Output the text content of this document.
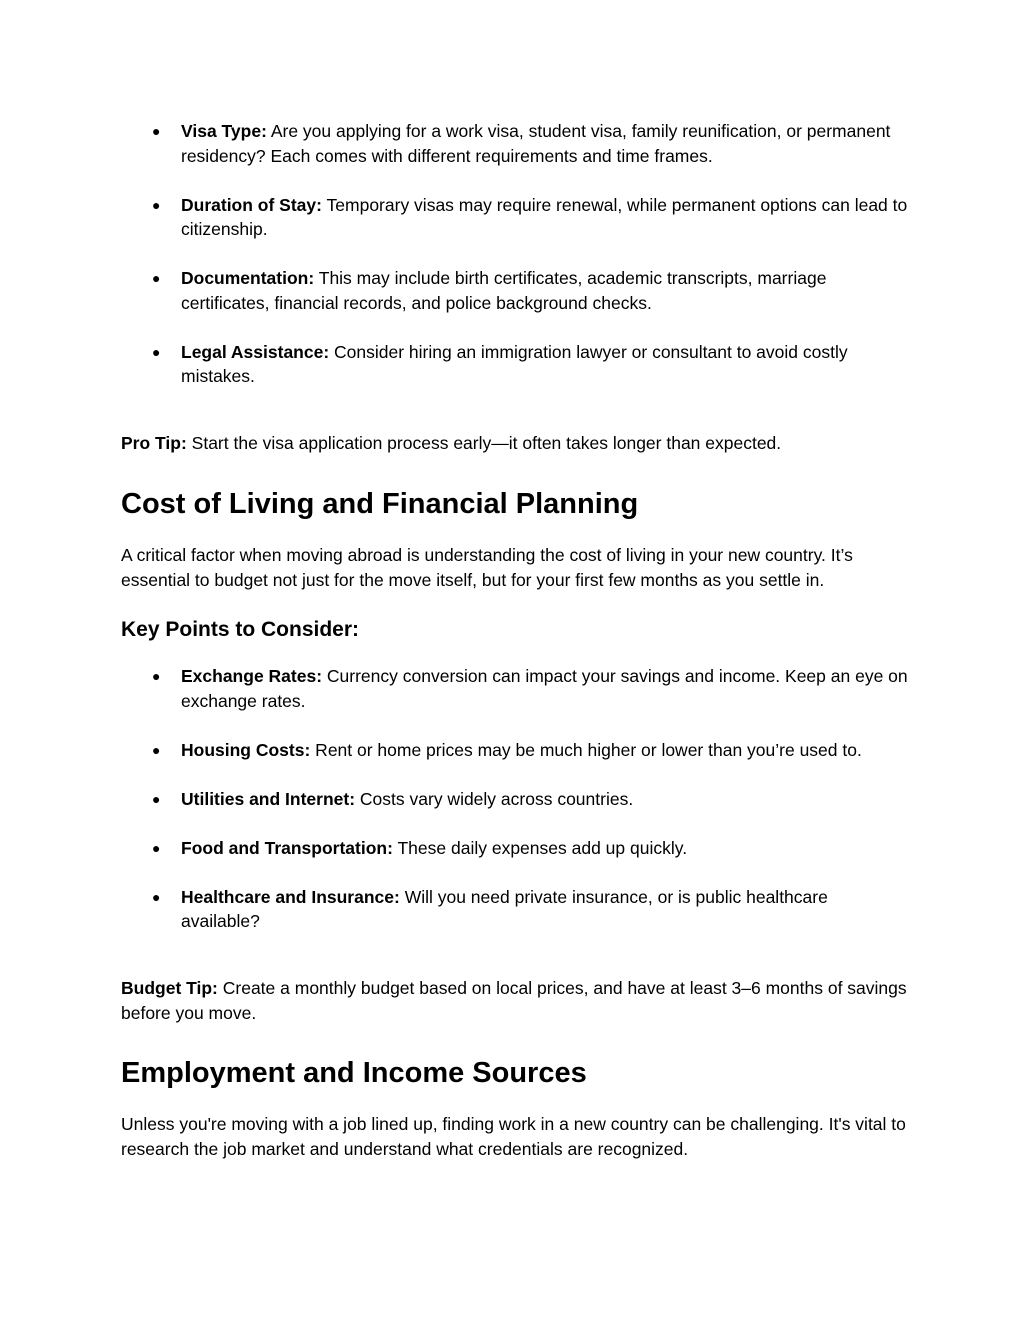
● Visa Type: Are you applying for a work visa, student visa, family reunification, or permanent residency? Each comes with different requirements and time frames.
● Duration of Stay: Temporary visas may require renewal, while permanent options can lead to citizenship.
● Documentation: This may include birth certificates, academic transcripts, marriage certificates, financial records, and police background checks.
● Legal Assistance: Consider hiring an immigration lawyer or consultant to avoid costly mistakes.

Pro Tip: Start the visa application process early—it often takes longer than expected.

Cost of Living and Financial Planning

A critical factor when moving abroad is understanding the cost of living in your new country. It’s essential to budget not just for the move itself, but for your first few months as you settle in.

Key Points to Consider:
● Exchange Rates: Currency conversion can impact your savings and income. Keep an eye on exchange rates.
● Housing Costs: Rent or home prices may be much higher or lower than you’re used to.
● Utilities and Internet: Costs vary widely across countries.
● Food and Transportation: These daily expenses add up quickly.
● Healthcare and Insurance: Will you need private insurance, or is public healthcare available?

Budget Tip: Create a monthly budget based on local prices, and have at least 3–6 months of savings before you move.

Employment and Income Sources

Unless you're moving with a job lined up, finding work in a new country can be challenging. It's vital to research the job market and understand what credentials are recognized.
